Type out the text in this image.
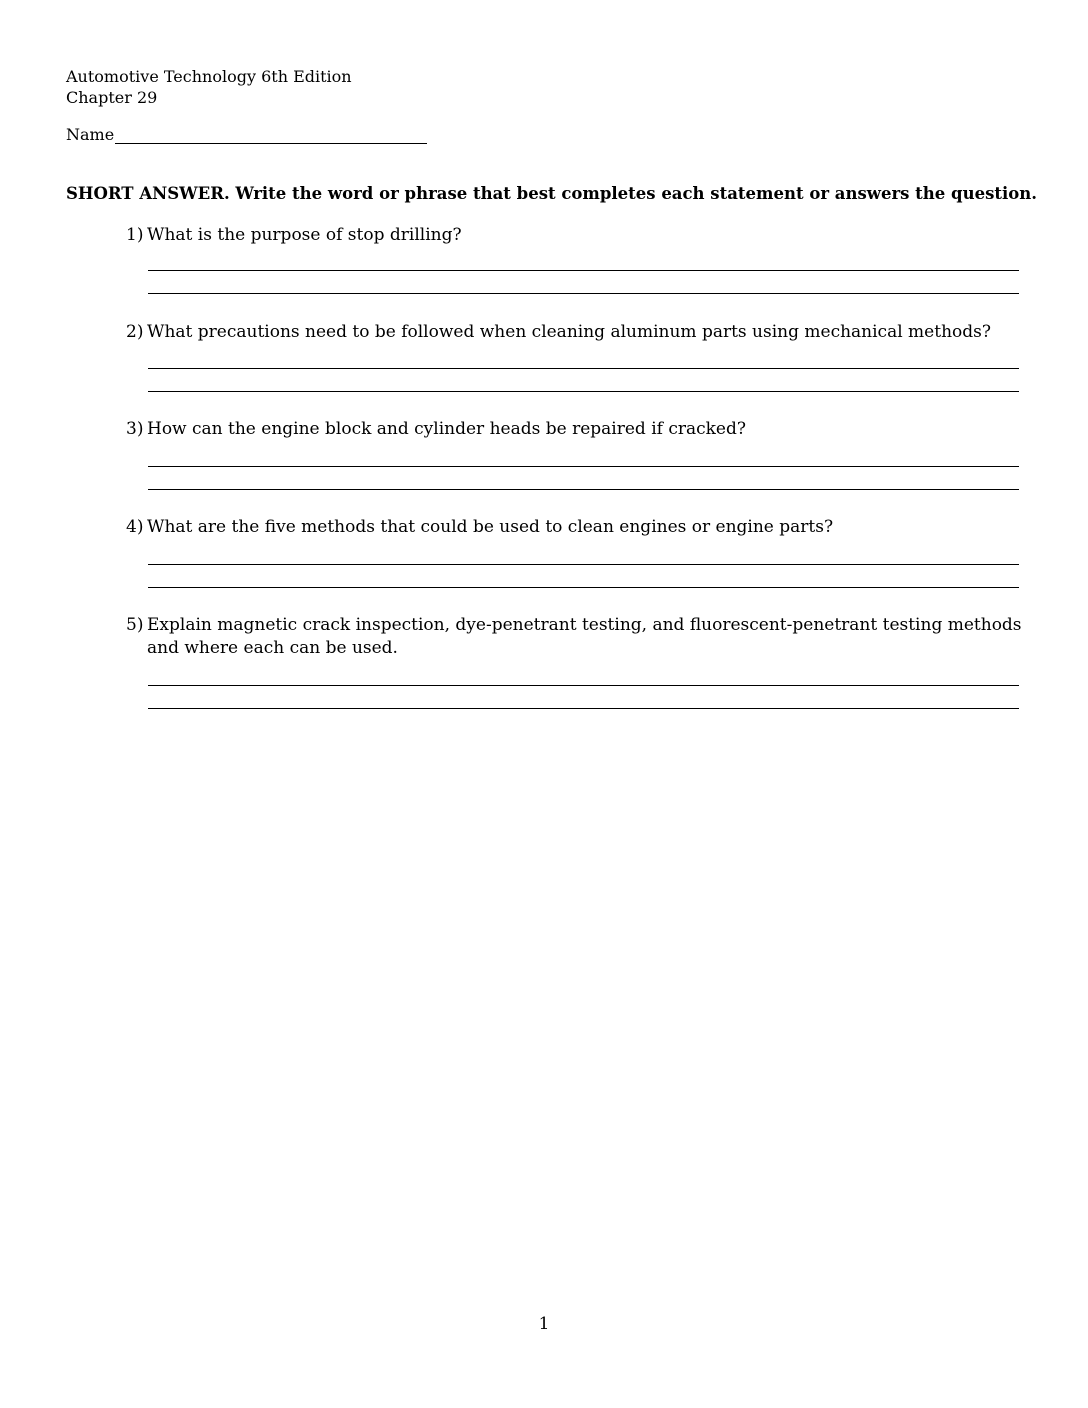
Automotive Technology 6th Edition
Chapter 29
Name
SHORT ANSWER. Write the word or phrase that best completes each statement or answers the question.
1) What is the purpose of stop drilling?
2) What precautions need to be followed when cleaning aluminum parts using mechanical methods?
3) How can the engine block and cylinder heads be repaired if cracked?
4) What are the five methods that could be used to clean engines or engine parts?
5) Explain magnetic crack inspection, dye-penetrant testing, and fluorescent-penetrant testing methods and where each can be used.
1
